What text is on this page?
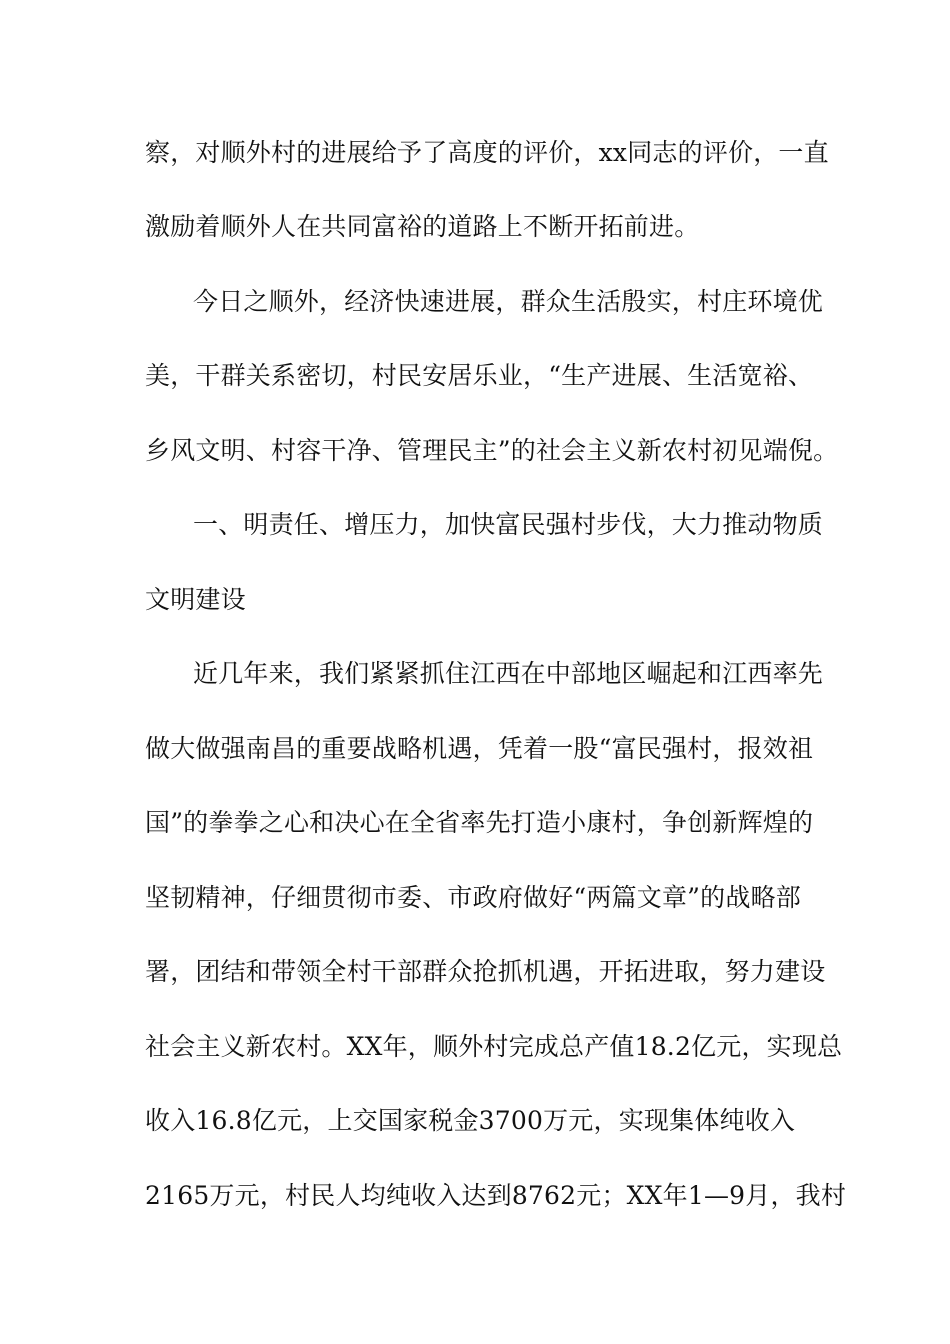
察，对顺外村的进展给予了高度的评价，xx同志的评价，一直
激励着顺外人在共同富裕的道路上不断开拓前进。
今日之顺外，经济快速进展，群众生活殷实，村庄环境优
美，干群关系密切，村民安居乐业，“生产进展、生活宽裕、
乡风文明、村容干净、管理民主”的社会主义新农村初见端倪。
一、明责任、增压力，加快富民强村步伐，大力推动物质
文明建设
近几年来，我们紧紧抓住江西在中部地区崛起和江西率先
做大做强南昌的重要战略机遇，凭着一股“富民强村，报效祖
国”的拳拳之心和决心在全省率先打造小康村，争创新辉煌的
坚韧精神，仔细贯彻市委、市政府做好“两篇文章”的战略部
署，团结和带领全村干部群众抢抓机遇，开拓进取，努力建设
社会主义新农村。XX年，顺外村完成总产值18.2亿元，实现总
收入16.8亿元，上交国家税金3700万元，实现集体纯收入
2165万元，村民人均纯收入达到8762元；XX年1—9月，我村
